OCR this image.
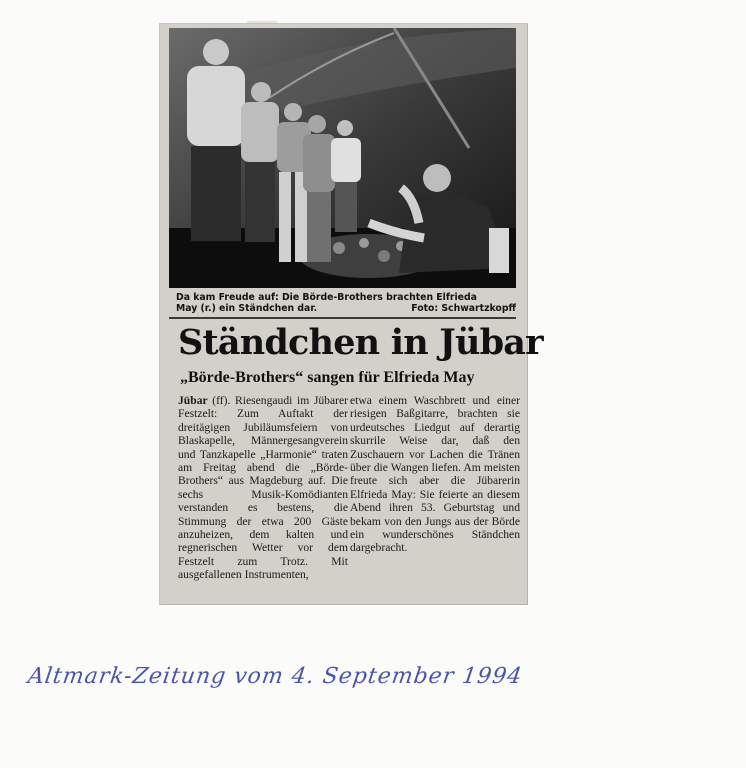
Da kam Freude auf: Die Börde-Brothers brachten Elfrieda
May (r.) ein Ständchen dar.	Foto: Schwartzkopff
Ständchen in Jübar
„Börde-Brothers“ sangen für Elfrieda May

Jübar (ff). Riesengaudi im Jübarer Festzelt: Zum Auftakt der dreitägigen Jubiläumsfeiern von Blaskapelle, Männergesangverein und Tanzkapelle „Harmonie“ traten am Freitag abend die „Börde-Brothers“ aus Magdeburg auf. Die sechs Musik-Komödianten verstanden es bestens, die Stimmung der etwa 200 Gäste anzuheizen, dem kalten und regnerischen Wetter vor dem Festzelt zum Trotz. Mit ausgefallenen Instrumenten,

etwa einem Waschbrett und einer riesigen Baßgitarre, brachten sie urdeutsches Liedgut auf derartig skurrile Weise dar, daß den Zuschauern vor Lachen die Tränen über die Wangen liefen. Am meisten freute sich aber die Jübarerin Elfrieda May: Sie feierte an diesem Abend ihren 53. Geburtstag und bekam von den Jungs aus der Börde ein wunderschönes Ständchen dargebracht.

Altmark-Zeitung vom 4. September 1994
